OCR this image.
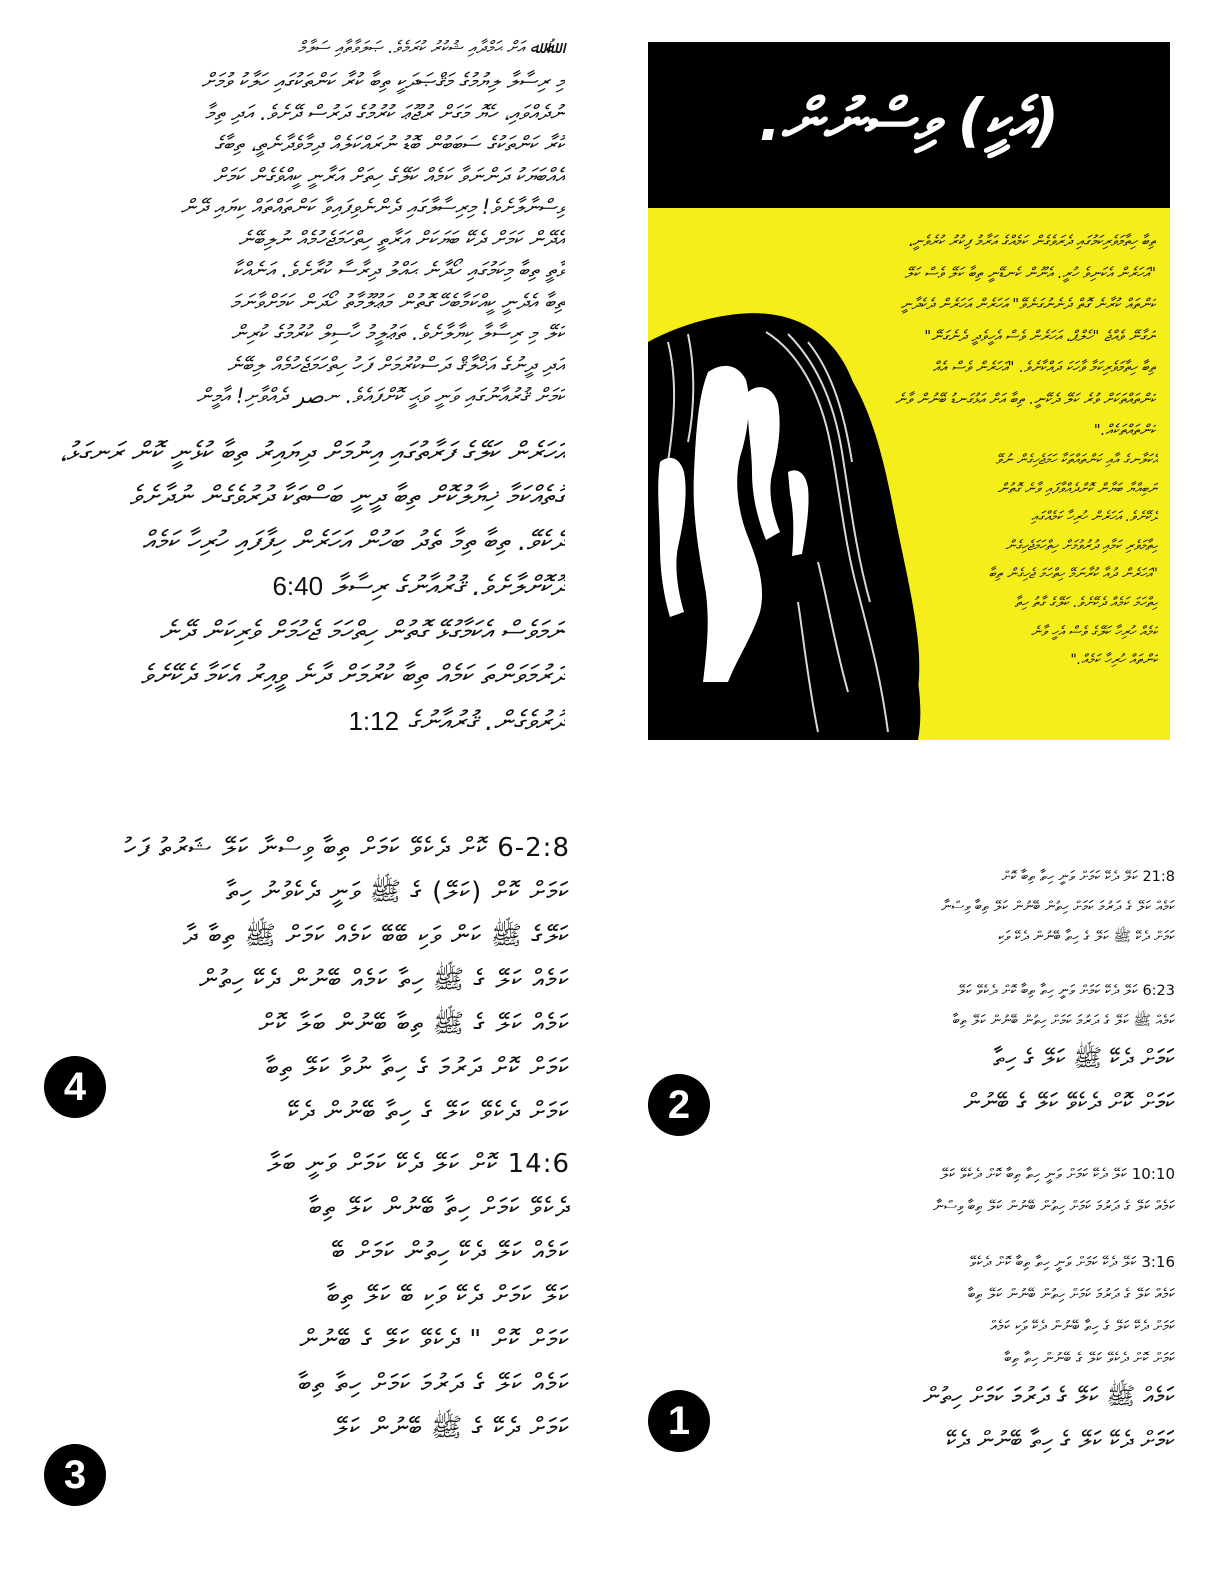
اللهُ ﷲ އަށް ޙަމްދާއި ޝުކުރު ކުރަމެވެ. ޞަލަވާތާއި ސަލާމް

މި ރިސާލާ ލިޔުމުގެ މަޤްޞަދަކީ ތިބާ ކުރާ ކަންތަކުގައި ހަލާކު ވުމަށް

ނުދެއްވައި، ހެޔޮ މަގަށް ރުޖޫޢަ ކުރުމުގެ ދަރުސް ދޭށެވެ. އަދި ތިމާ

ކުރާ ކަންތަކުގެ ސަބަބުން ބޮޑު ނުރައްކަލެއް ދިމާވެދާނެތީ، ތިބާގެ

އެއްބަޔަކު ދަންނަވާ ކަމެއް ކަލޭގެ ހިތަށް އަރާނީ ކީއްވެގެން ކަމަށް

ވިސްނާލާށެވެ! މިރިސާލާގައި ދެންނެވިފައިވާ ކަންތައްތައް ކިޔައި ދޭން

އެދޭން ކަމަށް ދެކޭ ބަޔަކަށް އަރާތީ ހިތްހަމަޖެހުމެއް ނުލިބޭނެ

ވާތީ ތިބާ މިކަމުގައި ހޯދާނެ ޙައްލު ދިރާސާ ކުރާށެވެ. އަނެއްކާ

ތިބާ އެދެނީ ކީއްކަމާބެހޭ ގޮތުން މަޢުލޫމާތު ހޯދަން ކަމަށްވާނަމަ

ކަލޭ މި ރިސާލާ ކިޔާލާށެވެ. ތަޢުލީމު ހާސިލް ކުރުމުގެ ކުރިން

އަދި ދީނުގެ އަޚްލާޤް ދަސްކުރުމަށް ފަހު ހިތްހަމަޖެހުމެއް ލިބޭނެ

ކަމަށް ޤުރުއާނުގައި ވަނީ ވަޙީ ކޮށްފައެވެ. ނصر ދެއްވާށި! އާމީން

އަހަރެން ކަލޭގެ ފަރާތުގައި އިނުމަށް ދިޔައިރު ތިބާ ކުޅެނީ ކޮން ރަނގަޅު،

ގޮތެއްކަމާ ޚިޔާލުކޮށް ތިބާ ދީނީ ބަސްތަކާ ދުރުވެގެން ނުދާށެވެ

ދެކެވޭ. ތިބާ ތިމާ ތެދު ބަހުން އަހަރެން ހިފާފައި ހުރިހާ ކަމެއް

ދޫކޮށްލާށެވެ. ޤުރުއާނުގެ ރިސާލާ 6:40

ނަމަވެސް އެކަމާގުޅޭ ގޮތުން ހިތްހަމަ ޖެހުމަށް ވެރިކަން ދޭނެ

ދަރުމަވަންތަ ކަމެއް ތިބާ ކުރުމަށް ދާނެ ވީއިރު އެކަމާ ދެކޭށެވެ

ދުރުވެގެން. ޤުރުއާނުގެ 1:12

(އެކީ) ވިސްނުން.

ތިބާ ހިތާމަވެރިކަމުގައި ދެރަވެގެން ކަމެއްގެ އަރާމު ފިކުރު ކުރެވެނީ،

"އަހަރެން އެކަނިވެ ހުރީ. އެނޫން ކެނޑޭނީ ތިބާ ކަލޭ ވެސް ކަލޭ

ކަންތައް ކުރާނެ ގޮތް ދެނެނުގަނެވޭ" އަހަރެން އަހަރެން ދެކެދާނީ

ނަގާނޭ ވެއްޖެ "ހެލްޕް، އަހަރެން ވެސް އެހީވެދީ ދެނެގަނޭ"

ތިބާ ހިތާމަވެރިކަމާ ވާހަކަ ދައްކާށެވެ. "އަހަރެން ވެސް އެއް

ކަންތައްތަކަށް ވުރެ ކަލޭ ދެކޭނީ. ތިބާ އަށް އަޅުގަނޑު ބޭނުން ވާނެ

ކަންތައްތަކެއް."

އެކަލާނގެ އާއި ކަންތައްތަކާ ހަމަޖެހިގެން ނުވޭ

ނަބިއްޔާ ބަޔާން ކޮށްދެއްވާފައި ވާނެ ގޮތުން

ދެކޭށެވެ. އަހަރެން ހުރިހާ ކަމެއްގައި

ހިތާމަވެރި ކަމާއި ދުރުވުމަށް ހިތްހަމަޖެހިގެން

"އަހަރެން ދުއާ ކުރާނަމޭ ހިތްހަމަ ޖެހިގެން ތިބާ

ހިތްހަމަ ކަމެއް ދެކޭށެވެ. ކަލޭގެ ގާތު ހިތާ

ކަމެއް ހުރިހާ ކަލޭގެ ވެސް އެހީ ވާނެ

ކަންތައް ހުރިހާ ކަމެއް."

6-2:8 ކޮށް ދެކެވޭ ކަމަށް ތިބާ ވިސްނާ ކަލޭ ޝަރުތު ފަހު

ކަމަށް ކޮށް (ކަލޭ) ގެ ﷺ ވަނީ ދެކެވުނު ހިތާ

ކަލޭގެ ﷺ ކަން ވަކި ބޭބޭ ކަމެއް ކަމަށް ﷺ ތިބާ ދާ

ކަމެއް ކަލޭ ގެ ﷺ ހިތާ ކަމެއް ބޭނުން ދެކޭ ހިތުން

ކަމެއް ކަލޭ ގެ ﷺ ތިބާ ބޭނުން ބަލާ ކޮށް

ކަމަށް ކޮށް ދަރުމަ ގެ ހިތާ ނުވާ ކަލޭ ތިބާ

ކަމަށް ދެކެވޭ ކަލޭ ގެ ހިތާ ބޭނުން ދެކޭ

4

14:6 ކޮށް ކަލޭ ދެކޭ ކަމަށް ވަނީ ބަލާ

ދެކެވޭ ކަމަށް ހިތާ ބޭނުން ކަލޭ ތިބާ

ކަމެއް ކަލޭ ދެކޭ ހިތުން ކަމަށް ބޭ

ކަލޭ ކަމަށް ދެކޭ ވަކި ބޭ ކަލޭ ތިބާ

ކަމަށް ކޮށް " ދެކެވޭ ކަލޭ ގެ ބޭނުން

ކަމެއް ކަލޭ ގެ ދަރުމަ ކަމަށް ހިތާ ތިބާ

ކަމަށް ދެކޭ ގެ ﷺ ބޭނުން ކަލޭ

3

21:8 ކަލޭ ދެކޭ ކަމަށް ވަނީ ހިތާ ތިބާ ކޮށް

ކަމެއް ކަލޭ ގެ ދަރުމަ ކަމަށް ހިތުން ބޭނުން ކަލޭ ތިބާ ވިސްނާ

ކަމަށް ދެކޭ ﷺ ކަލޭ ގެ ހިތާ ބޭނުން ދެކޭ ވަކި

6:23 ކަލޭ ދެކޭ ކަމަށް ވަނީ ހިތާ ތިބާ ކޮށް ދެކެވޭ ކަލޭ

ކަމެއް ﷺ ކަލޭ ގެ ދަރުމަ ކަމަށް ހިތުން ބޭނުން ކަލޭ ތިބާ

ކަމަށް ދެކޭ ﷺ ކަލޭ ގެ ހިތާ

ކަމަށް ކޮށް ދެކެވޭ ކަލޭ ގެ ބޭނުން

2

10:10 ކަލޭ ދެކޭ ކަމަށް ވަނީ ހިތާ ތިބާ ކޮށް ދެކެވޭ ކަލޭ

ކަމެއް ކަލޭ ގެ ދަރުމަ ކަމަށް ހިތުން ބޭނުން ކަލޭ ތިބާ ވިސްނާ

3:16 ކަލޭ ދެކޭ ކަމަށް ވަނީ ހިތާ ތިބާ ކޮށް ދެކެވޭ

ކަމެއް ކަލޭ ގެ ދަރުމަ ކަމަށް ހިތުން ބޭނުން ކަލޭ ތިބާ

ކަމަށް ދެކޭ ކަލޭ ގެ ހިތާ ބޭނުން ދެކޭ ވަކި ކަމެއް

ކަމަށް ކޮށް ދެކެވޭ ކަލޭ ގެ ބޭނުން ހިތާ ތިބާ

ކަމެއް ﷺ ކަލޭ ގެ ދަރުމަ ކަމަށް ހިތުން

ކަމަށް ދެކޭ ކަލޭ ގެ ހިތާ ބޭނުން ދެކޭ

1
